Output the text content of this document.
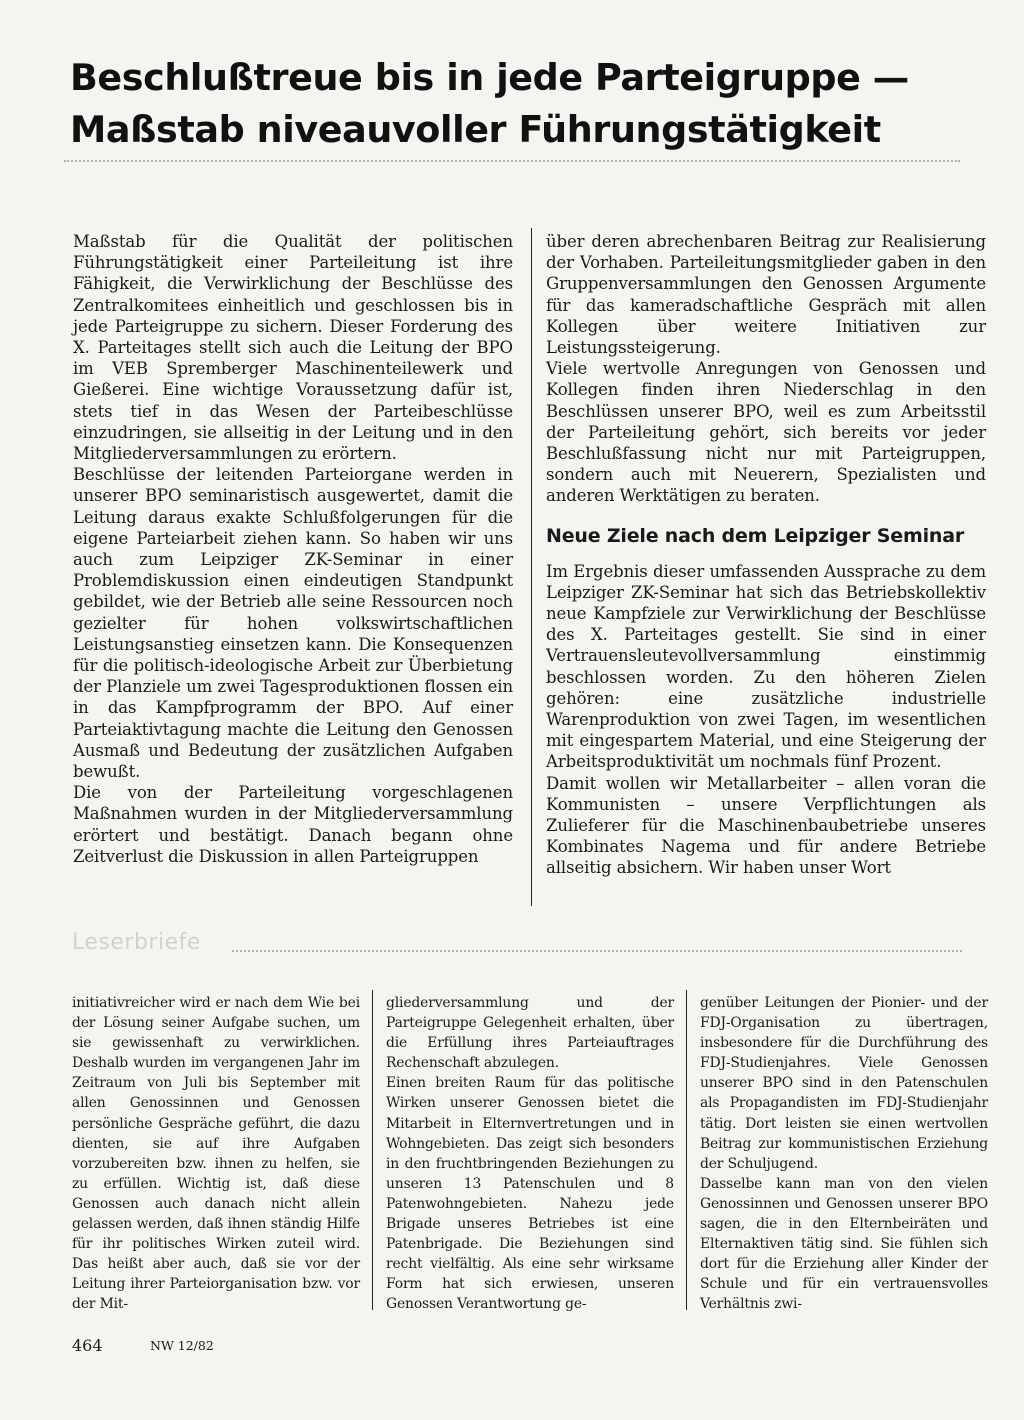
Beschlußtreue bis in jede Parteigruppe —
Maßstab niveauvoller Führungstätigkeit

Maßstab für die Qualität der politischen Führungstätigkeit einer Parteileitung ist ihre Fähigkeit, die Verwirklichung der Beschlüsse des Zentralkomitees einheitlich und geschlossen bis in jede Parteigruppe zu sichern. Dieser Forderung des X. Parteitages stellt sich auch die Leitung der BPO im VEB Spremberger Maschinenteilewerk und Gießerei. Eine wichtige Voraussetzung dafür ist, stets tief in das Wesen der Parteibeschlüsse einzudringen, sie allseitig in der Leitung und in den Mitgliederversammlungen zu erörtern.

Beschlüsse der leitenden Parteiorgane werden in unserer BPO seminaristisch ausgewertet, damit die Leitung daraus exakte Schlußfolgerungen für die eigene Parteiarbeit ziehen kann. So haben wir uns auch zum Leipziger ZK-Seminar in einer Problemdiskussion einen eindeutigen Standpunkt gebildet, wie der Betrieb alle seine Ressourcen noch gezielter für hohen volkswirtschaftlichen Leistungsanstieg einsetzen kann. Die Konsequenzen für die politisch-ideologische Arbeit zur Überbietung der Planziele um zwei Tagesproduktionen flossen ein in das Kampfprogramm der BPO. Auf einer Parteiaktivtagung machte die Leitung den Genossen Ausmaß und Bedeutung der zusätzlichen Aufgaben bewußt.

Die von der Parteileitung vorgeschlagenen Maßnahmen wurden in der Mitgliederversammlung erörtert und bestätigt. Danach begann ohne Zeitverlust die Diskussion in allen Parteigruppen

über deren abrechenbaren Beitrag zur Realisierung der Vorhaben. Parteileitungsmitglieder gaben in den Gruppenversammlungen den Genossen Argumente für das kameradschaftliche Gespräch mit allen Kollegen über weitere Initiativen zur Leistungssteigerung.

Viele wertvolle Anregungen von Genossen und Kollegen finden ihren Niederschlag in den Beschlüssen unserer BPO, weil es zum Arbeitsstil der Parteileitung gehört, sich bereits vor jeder Beschlußfassung nicht nur mit Parteigruppen, sondern auch mit Neuerern, Spezialisten und anderen Werktätigen zu beraten.

Neue Ziele nach dem Leipziger Seminar

Im Ergebnis dieser umfassenden Aussprache zu dem Leipziger ZK-Seminar hat sich das Betriebskollektiv neue Kampfziele zur Verwirklichung der Beschlüsse des X. Parteitages gestellt. Sie sind in einer Vertrauensleutevollversammlung einstimmig beschlossen worden. Zu den höheren Zielen gehören: eine zusätzliche industrielle Warenproduktion von zwei Tagen, im wesentlichen mit eingespartem Material, und eine Steigerung der Arbeitsproduktivität um nochmals fünf Prozent.

Damit wollen wir Metallarbeiter – allen voran die Kommunisten – unsere Verpflichtungen als Zulieferer für die Maschinenbaubetriebe unseres Kombinates Nagema und für andere Betriebe allseitig absichern. Wir haben unser Wort

Leserbriefe

initiativreicher wird er nach dem Wie bei der Lösung seiner Aufgabe suchen, um sie gewissenhaft zu verwirklichen. Deshalb wurden im vergangenen Jahr im Zeitraum von Juli bis September mit allen Genossinnen und Genossen persönliche Gespräche geführt, die dazu dienten, sie auf ihre Aufgaben vorzubereiten bzw. ihnen zu helfen, sie zu erfüllen. Wichtig ist, daß diese Genossen auch danach nicht allein gelassen werden, daß ihnen ständig Hilfe für ihr politisches Wirken zuteil wird. Das heißt aber auch, daß sie vor der Leitung ihrer Parteiorganisation bzw. vor der Mit-

gliederversammlung und der Parteigruppe Gelegenheit erhalten, über die Erfüllung ihres Parteiauftrages Rechenschaft abzulegen.

Einen breiten Raum für das politische Wirken unserer Genossen bietet die Mitarbeit in Elternvertretungen und in Wohngebieten. Das zeigt sich besonders in den fruchtbringenden Beziehungen zu unseren 13 Patenschulen und 8 Patenwohngebieten. Nahezu jede Brigade unseres Betriebes ist eine Patenbrigade. Die Beziehungen sind recht vielfältig. Als eine sehr wirksame Form hat sich erwiesen, unseren Genossen Verantwortung ge-

genüber Leitungen der Pionier- und der FDJ-Organisation zu übertragen, insbesondere für die Durchführung des FDJ-Studienjahres. Viele Genossen unserer BPO sind in den Patenschulen als Propagandisten im FDJ-Studienjahr tätig. Dort leisten sie einen wertvollen Beitrag zur kommunistischen Erziehung der Schuljugend.

Dasselbe kann man von den vielen Genossinnen und Genossen unserer BPO sagen, die in den Elternbeiräten und Elternaktiven tätig sind. Sie fühlen sich dort für die Erziehung aller Kinder der Schule und für ein vertrauensvolles Verhältnis zwi-

464	NW 12/82
